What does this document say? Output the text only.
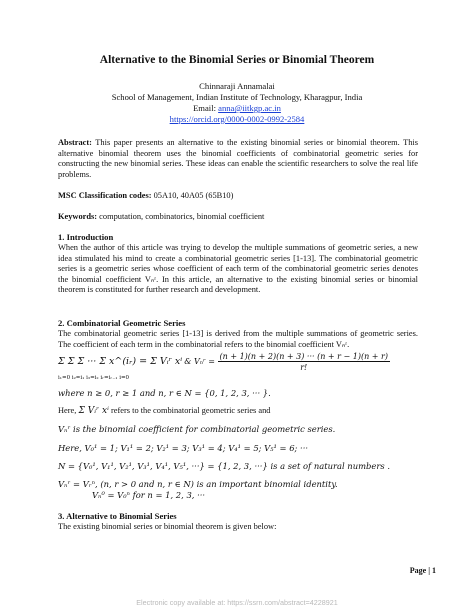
Alternative to the Binomial Series or Binomial Theorem
Chinnaraji Annamalai
School of Management, Indian Institute of Technology, Kharagpur, India
Email: anna@iitkgp.ac.in
https://orcid.org/0000-0002-0992-2584
Abstract: This paper presents an alternative to the existing binomial series or binomial theorem. This alternative binomial theorem uses the binomial coefficients of combinatorial geometric series for constructing the new binomial series. These ideas can enable the scientific researchers to solve the real life problems.
MSC Classification codes: 05A10, 40A05 (65B10)
Keywords: computation, combinatorics, binomial coefficient
1. Introduction
When the author of this article was trying to develop the multiple summations of geometric series, a new idea stimulated his mind to create a combinatorial geometric series [1-13]. The combinatorial geometric series is a geometric series whose coefficient of each term of the combinatorial geometric series denotes the binomial coefficient Vₙʳ. In this article, an alternative to the existing binomial series or binomial theorem is constituted for further research and development.
2. Combinatorial Geometric Series
The combinatorial geometric series [1-13] is derived from the multiple summations of geometric series. The coefficient of each term in the combinatorial refers to the binomial coefficient Vₙʳ.
Σ Σ Σ ··· Σ x^(iᵣ) = Σ Vᵢʳ xⁱ & Vₙʳ = $\frac{(n + 1)(n + 2)(n + 3) \cdot\cdot\cdot (n + r - 1)(n + r)}{r!}$
i₁=0 i₂=i₁ i₃=i₂ iᵣ=iᵣ₋₁ i=0
where n ≥ 0, r ≥ 1 and n, r ∈ N = {0, 1, 2, 3, ··· }.
Here, Σ Vᵢʳ xⁱ refers to the combinatorial geometric series and
Vₙʳ is the binomial coefficient for combinatorial geometric series.
Here, V₀¹ = 1; V₁¹ = 2; V₂¹ = 3; V₃¹ = 4; V₄¹ = 5; V₅¹ = 6; ···
N = {V₀¹, V₁¹, V₂¹, V₃¹, V₄¹, V₅¹, ···} = {1, 2, 3, ···} is a set of natural numbers .
Vₙʳ = Vᵣⁿ, (n, r > 0 and n, r ∈ N) is an important binomial identity.
Vₙ⁰ = V₀ⁿ for n = 1, 2, 3, ···
3. Alternative to Binomial Series
The existing binomial series or binomial theorem is given below:
Page | 1
Electronic copy available at: https://ssrn.com/abstract=4228921
